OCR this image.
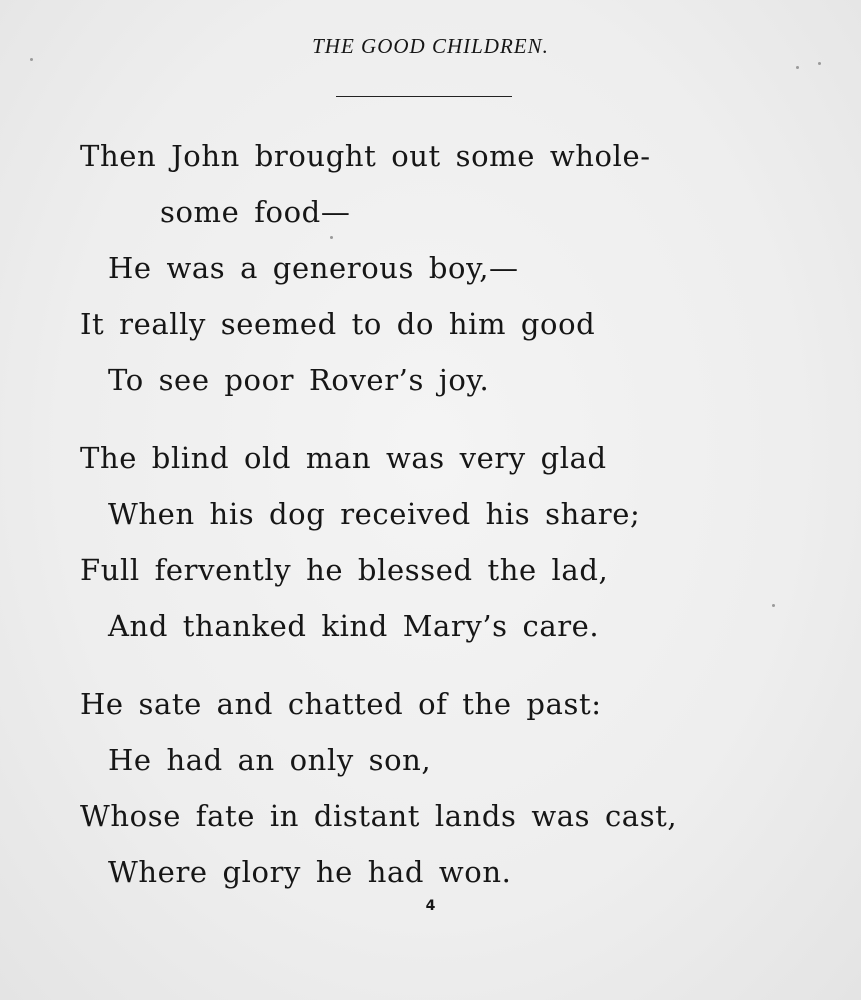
THE GOOD CHILDREN.
Then John brought out some whole-
some food—
He was a generous boy,—
It really seemed to do him good
To see poor Rover’s joy.
The blind old man was very glad
When his dog received his share;
Full fervently he blessed the lad,
And thanked kind Mary’s care.
He sate and chatted of the past:
He had an only son,
Whose fate in distant lands was cast,
Where glory he had won.
4
